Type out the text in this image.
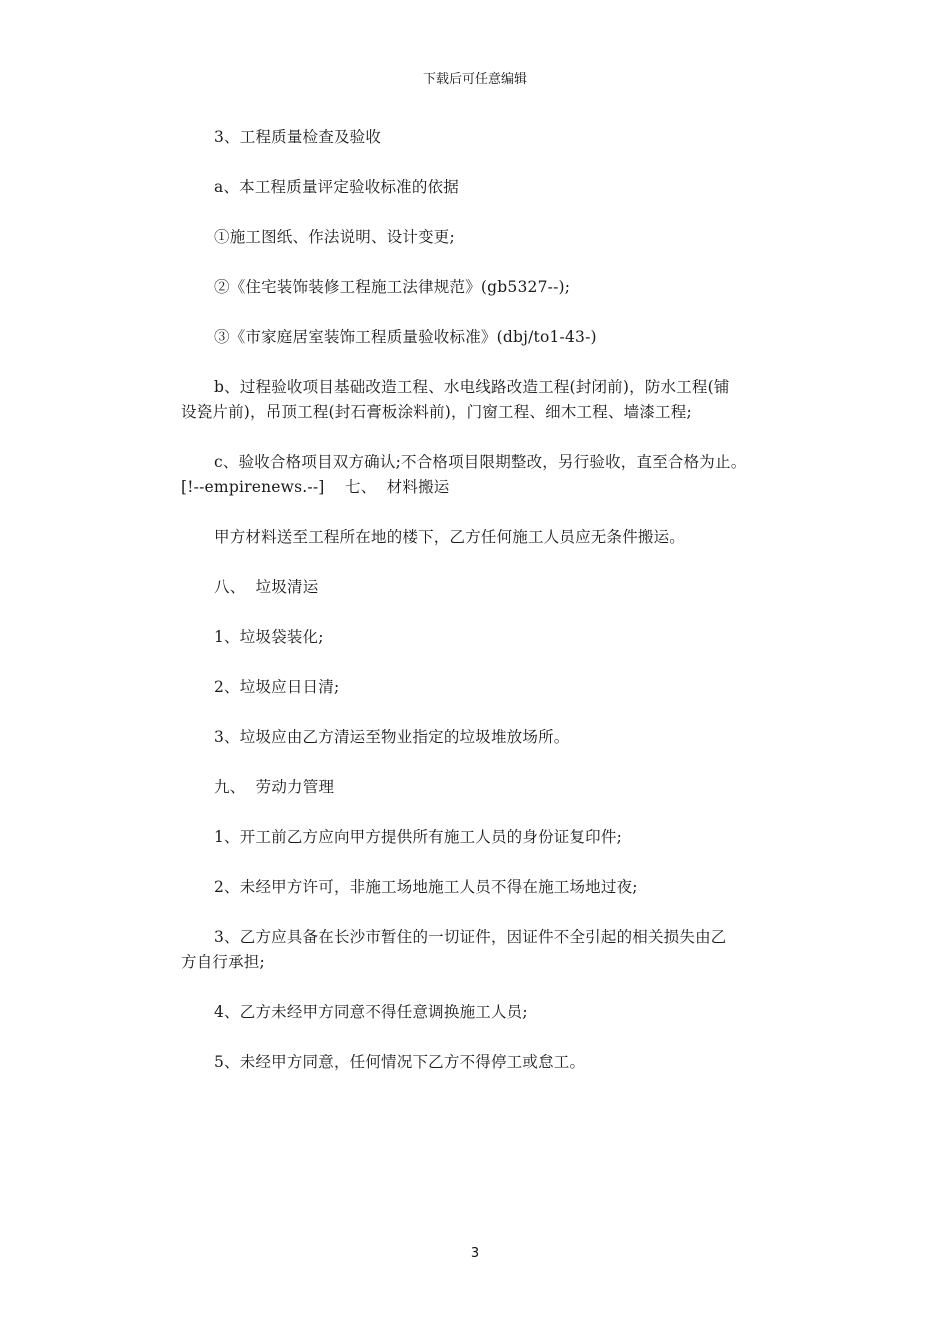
下载后可任意编辑
3、工程质量检查及验收
a、本工程质量评定验收标准的依据
①施工图纸、作法说明、设计变更;
②《住宅装饰装修工程施工法律规范》(gb5327--);
③《市家庭居室装饰工程质量验收标准》(dbj/to1-43-)
b、过程验收项目基础改造工程、水电线路改造工程(封闭前)，防水工程(铺
设瓷片前)，吊顶工程(封石膏板涂料前)，门窗工程、细木工程、墙漆工程;
c、验收合格项目双方确认;不合格项目限期整改，另行验收，直至合格为止。
[!--empirenews.--]    七、  材料搬运
甲方材料送至工程所在地的楼下，乙方任何施工人员应无条件搬运。
八、  垃圾清运
1、垃圾袋装化;
2、垃圾应日日清;
3、垃圾应由乙方清运至物业指定的垃圾堆放场所。
九、  劳动力管理
1、开工前乙方应向甲方提供所有施工人员的身份证复印件;
2、未经甲方许可，非施工场地施工人员不得在施工场地过夜;
3、乙方应具备在长沙市暂住的一切证件，因证件不全引起的相关损失由乙
方自行承担;
4、乙方未经甲方同意不得任意调换施工人员;
5、未经甲方同意，任何情况下乙方不得停工或怠工。
3
